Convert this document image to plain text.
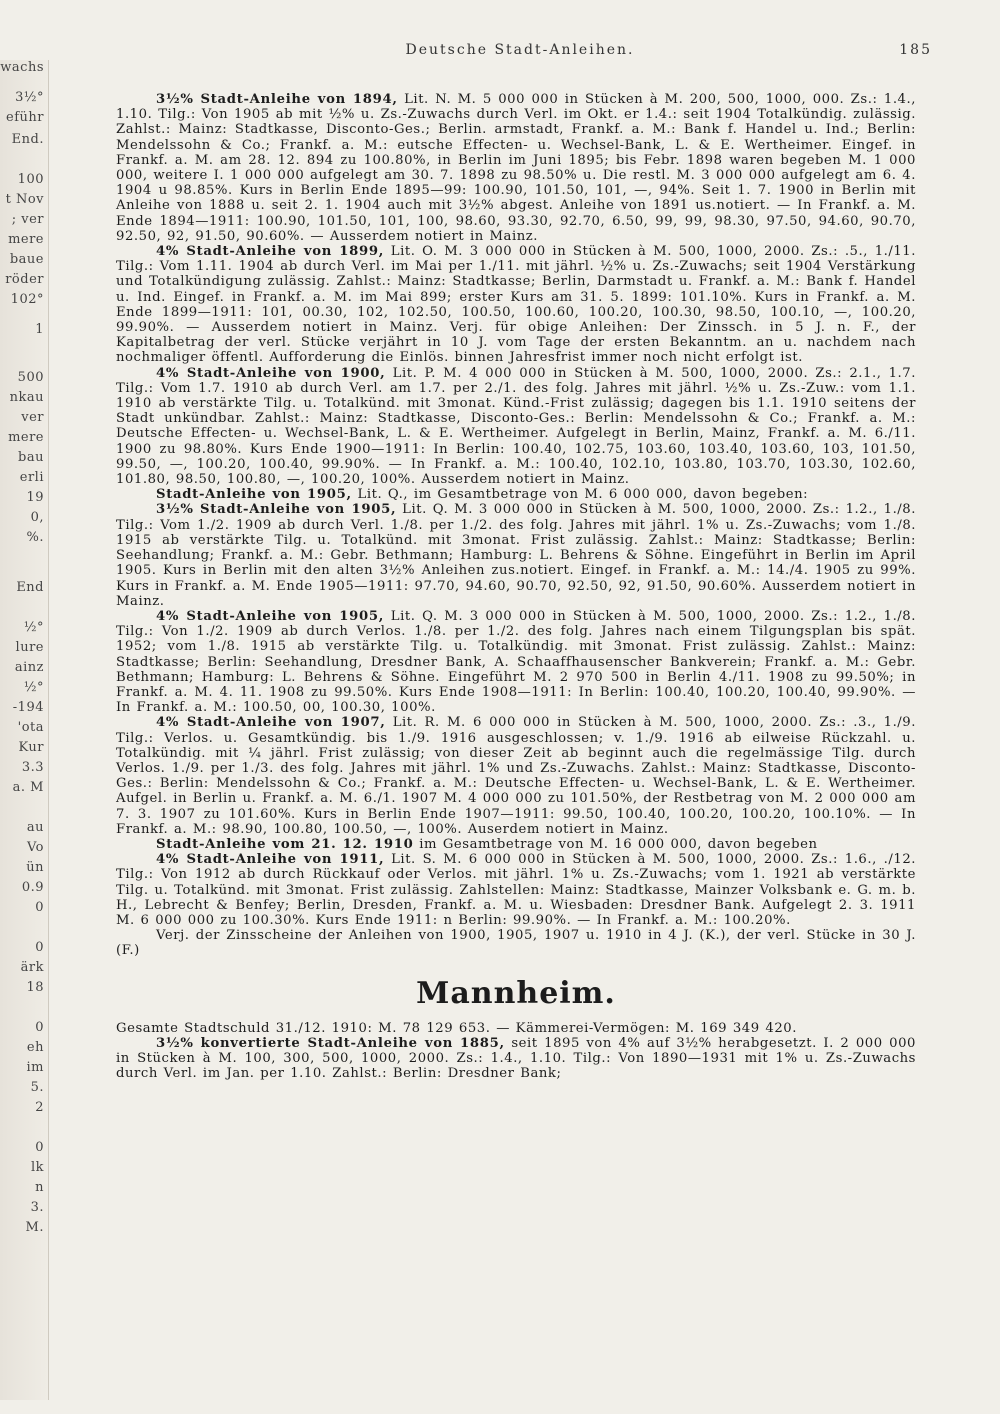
wachs
3½°
eführ
End.
100
t Nov
; ver
mere
baue
röder
102°
1
500
nkau
ver
mere
bau
erli
19
0,
%.
End
½°
lure
ainz
½°
-194
'ota
Kur
3.3
a. M
au
Vo
ün
0.9
0
0
ärk
18
0
eh
im
5.
2
0
lk
n
3.
M.
Deutsche Stadt-Anleihen.	185

3½% Stadt-Anleihe von 1894, Lit. N. M. 5 000 000 in Stücken à M. 200, 500, 1000, 000. Zs.: 1.4., 1.10. Tilg.: Von 1905 ab mit ½% u. Zs.-Zuwachs durch Verl. im Okt. er 1.4.: seit 1904 Totalkündig. zulässig. Zahlst.: Mainz: Stadtkasse, Disconto-Ges.; Berlin. armstadt, Frankf. a. M.: Bank f. Handel u. Ind.; Berlin: Mendelssohn & Co.; Frankf. a. M.: eutsche Effecten- u. Wechsel-Bank, L. & E. Wertheimer. Eingef. in Frankf. a. M. am 28. 12. 894 zu 100.80%, in Berlin im Juni 1895; bis Febr. 1898 waren begeben M. 1 000 000, weitere I. 1 000 000 aufgelegt am 30. 7. 1898 zu 98.50% u. Die restl. M. 3 000 000 aufgelegt am 6. 4. 1904 u 98.85%. Kurs in Berlin Ende 1895—99: 100.90, 101.50, 101, —, 94%. Seit 1. 7. 1900 in Berlin mit Anleihe von 1888 u. seit 2. 1. 1904 auch mit 3½% abgest. Anleihe von 1891 us.notiert. — In Frankf. a. M. Ende 1894—1911: 100.90, 101.50, 101, 100, 98.60, 93.30, 92.70, 6.50, 99, 99, 98.30, 97.50, 94.60, 90.70, 92.50, 92, 91.50, 90.60%. — Ausserdem notiert in Mainz.

4% Stadt-Anleihe von 1899, Lit. O. M. 3 000 000 in Stücken à M. 500, 1000, 2000. Zs.: .5., 1./11. Tilg.: Vom 1.11. 1904 ab durch Verl. im Mai per 1./11. mit jährl. ½% u. Zs.-Zuwachs; seit 1904 Verstärkung und Totalkündigung zulässig. Zahlst.: Mainz: Stadtkasse; Berlin, Darmstadt u. Frankf. a. M.: Bank f. Handel u. Ind. Eingef. in Frankf. a. M. im Mai 899; erster Kurs am 31. 5. 1899: 101.10%. Kurs in Frankf. a. M. Ende 1899—1911: 101, 00.30, 102, 102.50, 100.50, 100.60, 100.20, 100.30, 98.50, 100.10, —, 100.20, 99.90%. — Ausserdem notiert in Mainz. Verj. für obige Anleihen: Der Zinssch. in 5 J. n. F., der Kapitalbetrag der verl. Stücke verjährt in 10 J. vom Tage der ersten Bekanntm. an u. nachdem nach nochmaliger öffentl. Aufforderung die Einlös. binnen Jahresfrist immer noch nicht erfolgt ist.

4% Stadt-Anleihe von 1900, Lit. P. M. 4 000 000 in Stücken à M. 500, 1000, 2000. Zs.: 2.1., 1.7. Tilg.: Vom 1.7. 1910 ab durch Verl. am 1.7. per 2./1. des folg. Jahres mit jährl. ½% u. Zs.-Zuw.: vom 1.1. 1910 ab verstärkte Tilg. u. Totalkünd. mit 3monat. Künd.-Frist zulässig; dagegen bis 1.1. 1910 seitens der Stadt unkündbar. Zahlst.: Mainz: Stadtkasse, Disconto-Ges.: Berlin: Mendelssohn & Co.; Frankf. a. M.: Deutsche Effecten- u. Wechsel-Bank, L. & E. Wertheimer. Aufgelegt in Berlin, Mainz, Frankf. a. M. 6./11. 1900 zu 98.80%. Kurs Ende 1900—1911: In Berlin: 100.40, 102.75, 103.60, 103.40, 103.60, 103, 101.50, 99.50, —, 100.20, 100.40, 99.90%. — In Frankf. a. M.: 100.40, 102.10, 103.80, 103.70, 103.30, 102.60, 101.80, 98.50, 100.80, —, 100.20, 100%. Ausserdem notiert in Mainz.

Stadt-Anleihe von 1905, Lit. Q., im Gesamtbetrage von M. 6 000 000, davon begeben:

3½% Stadt-Anleihe von 1905, Lit. Q. M. 3 000 000 in Stücken à M. 500, 1000, 2000. Zs.: 1.2., 1./8. Tilg.: Vom 1./2. 1909 ab durch Verl. 1./8. per 1./2. des folg. Jahres mit jährl. 1% u. Zs.-Zuwachs; vom 1./8. 1915 ab verstärkte Tilg. u. Totalkünd. mit 3monat. Frist zulässig. Zahlst.: Mainz: Stadtkasse; Berlin: Seehandlung; Frankf. a. M.: Gebr. Bethmann; Hamburg: L. Behrens & Söhne. Eingeführt in Berlin im April 1905. Kurs in Berlin mit den alten 3½% Anleihen zus.notiert. Eingef. in Frankf. a. M.: 14./4. 1905 zu 99%. Kurs in Frankf. a. M. Ende 1905—1911: 97.70, 94.60, 90.70, 92.50, 92, 91.50, 90.60%. Ausserdem notiert in Mainz.

4% Stadt-Anleihe von 1905, Lit. Q. M. 3 000 000 in Stücken à M. 500, 1000, 2000. Zs.: 1.2., 1./8. Tilg.: Von 1./2. 1909 ab durch Verlos. 1./8. per 1./2. des folg. Jahres nach einem Tilgungsplan bis spät. 1952; vom 1./8. 1915 ab verstärkte Tilg. u. Totalkündig. mit 3monat. Frist zulässig. Zahlst.: Mainz: Stadtkasse; Berlin: Seehandlung, Dresdner Bank, A. Schaaffhausenscher Bankverein; Frankf. a. M.: Gebr. Bethmann; Hamburg: L. Behrens & Söhne. Eingeführt M. 2 970 500 in Berlin 4./11. 1908 zu 99.50%; in Frankf. a. M. 4. 11. 1908 zu 99.50%. Kurs Ende 1908—1911: In Berlin: 100.40, 100.20, 100.40, 99.90%. — In Frankf. a. M.: 100.50, 00, 100.30, 100%.

4% Stadt-Anleihe von 1907, Lit. R. M. 6 000 000 in Stücken à M. 500, 1000, 2000. Zs.: .3., 1./9. Tilg.: Verlos. u. Gesamtkündig. bis 1./9. 1916 ausgeschlossen; v. 1./9. 1916 ab eilweise Rückzahl. u. Totalkündig. mit ¼ jährl. Frist zulässig; von dieser Zeit ab beginnt auch die regelmässige Tilg. durch Verlos. 1./9. per 1./3. des folg. Jahres mit jährl. 1% und Zs.-Zuwachs. Zahlst.: Mainz: Stadtkasse, Disconto-Ges.: Berlin: Mendelssohn & Co.; Frankf. a. M.: Deutsche Effecten- u. Wechsel-Bank, L. & E. Wertheimer. Aufgel. in Berlin u. Frankf. a. M. 6./1. 1907 M. 4 000 000 zu 101.50%, der Restbetrag von M. 2 000 000 am 7. 3. 1907 zu 101.60%. Kurs in Berlin Ende 1907—1911: 99.50, 100.40, 100.20, 100.20, 100.10%. — In Frankf. a. M.: 98.90, 100.80, 100.50, —, 100%. Auserdem notiert in Mainz.

Stadt-Anleihe vom 21. 12. 1910 im Gesamtbetrage von M. 16 000 000, davon begeben

4% Stadt-Anleihe von 1911, Lit. S. M. 6 000 000 in Stücken à M. 500, 1000, 2000. Zs.: 1.6., ./12. Tilg.: Von 1912 ab durch Rückkauf oder Verlos. mit jährl. 1% u. Zs.-Zuwachs; vom 1. 1921 ab verstärkte Tilg. u. Totalkünd. mit 3monat. Frist zulässig. Zahlstellen: Mainz: Stadtkasse, Mainzer Volksbank e. G. m. b. H., Lebrecht & Benfey; Berlin, Dresden, Frankf. a. M. u. Wiesbaden: Dresdner Bank. Aufgelegt 2. 3. 1911 M. 6 000 000 zu 100.30%. Kurs Ende 1911: n Berlin: 99.90%. — In Frankf. a. M.: 100.20%.

Verj. der Zinsscheine der Anleihen von 1900, 1905, 1907 u. 1910 in 4 J. (K.), der verl. Stücke in 30 J. (F.)

Mannheim.

Gesamte Stadtschuld 31./12. 1910: M. 78 129 653. — Kämmerei-Vermögen: M. 169 349 420.

3½% konvertierte Stadt-Anleihe von 1885, seit 1895 von 4% auf 3½% herabgesetzt. I. 2 000 000 in Stücken à M. 100, 300, 500, 1000, 2000. Zs.: 1.4., 1.10. Tilg.: Von 1890—1931 mit 1% u. Zs.-Zuwachs durch Verl. im Jan. per 1.10. Zahlst.: Berlin: Dresdner Bank;
